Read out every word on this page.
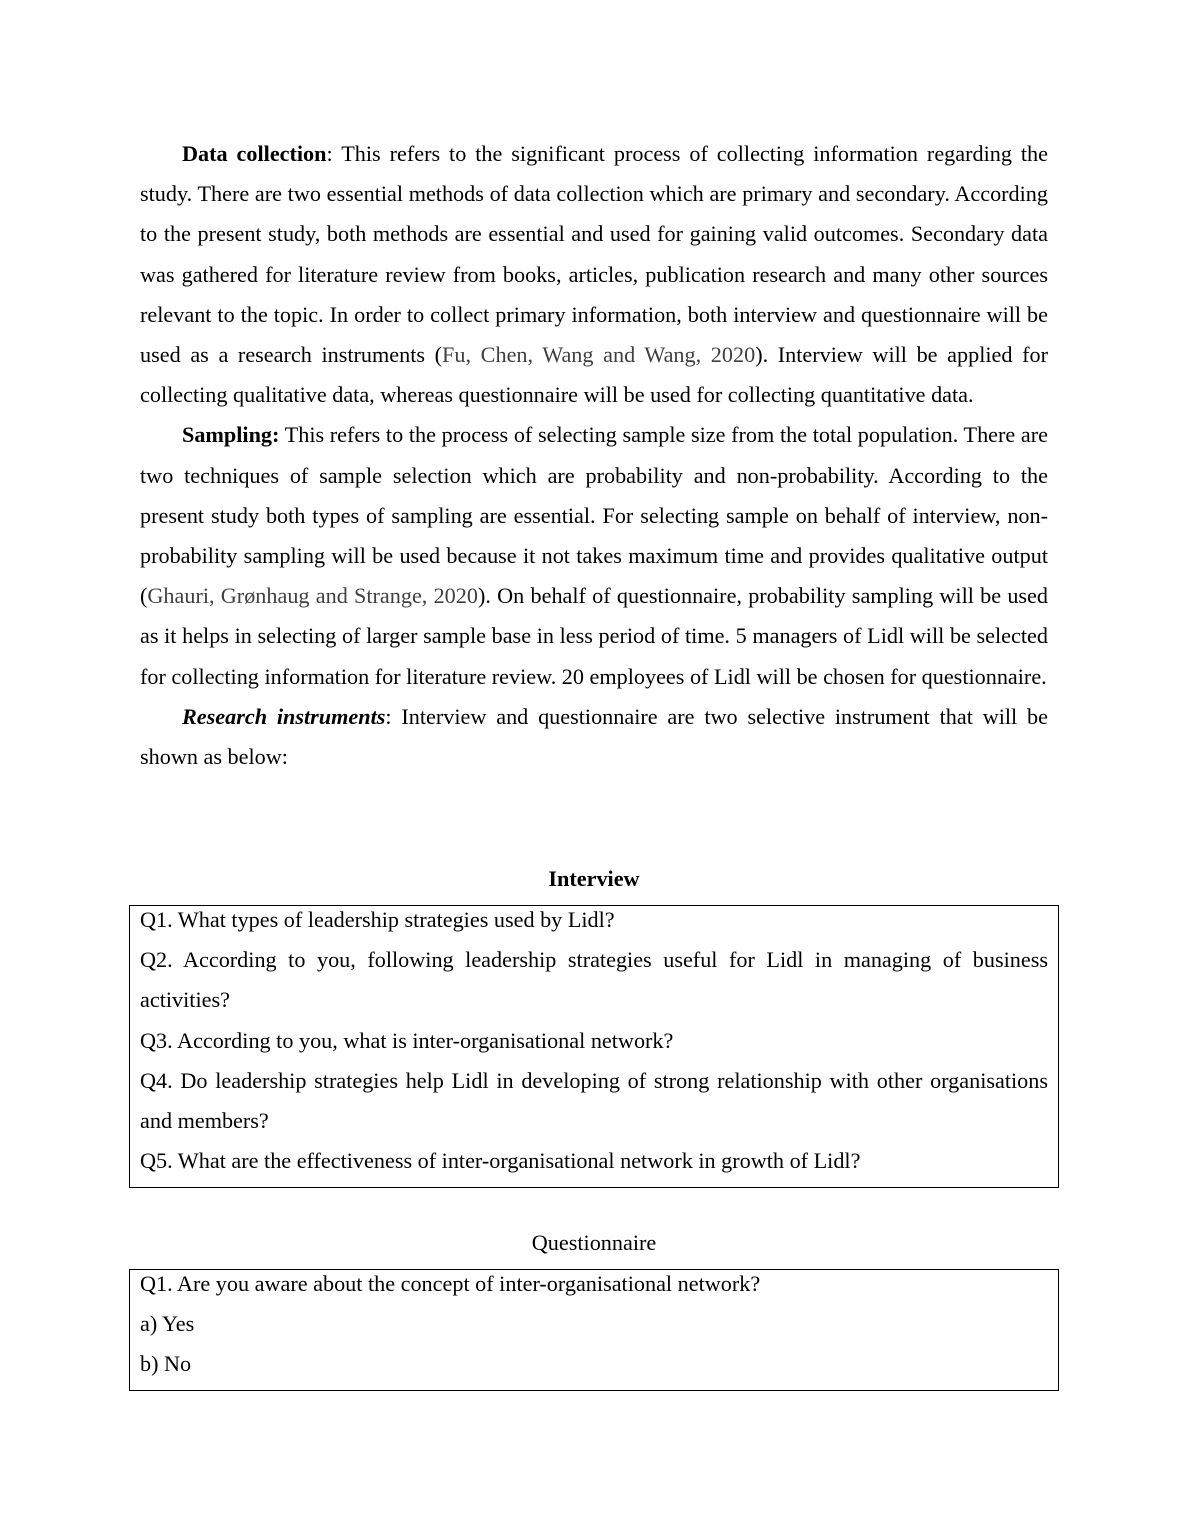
Data collection: This refers to the significant process of collecting information regarding the study. There are two essential methods of data collection which are primary and secondary. According to the present study, both methods are essential and used for gaining valid outcomes. Secondary data was gathered for literature review from books, articles, publication research and many other sources relevant to the topic. In order to collect primary information, both interview and questionnaire will be used as a research instruments (Fu, Chen, Wang and Wang, 2020). Interview will be applied for collecting qualitative data, whereas questionnaire will be used for collecting quantitative data.

Sampling: This refers to the process of selecting sample size from the total population. There are two techniques of sample selection which are probability and non-probability. According to the present study both types of sampling are essential. For selecting sample on behalf of interview, non-probability sampling will be used because it not takes maximum time and provides qualitative output (Ghauri, Grønhaug and Strange, 2020). On behalf of questionnaire, probability sampling will be used as it helps in selecting of larger sample base in less period of time. 5 managers of Lidl will be selected for collecting information for literature review. 20 employees of Lidl will be chosen for questionnaire.

Research instruments: Interview and questionnaire are two selective instrument that will be shown as below:

Interview

Q1. What types of leadership strategies used by Lidl?

Q2. According to you, following leadership strategies useful for Lidl in managing of business activities?

Q3. According to you, what is inter-organisational network?

Q4. Do leadership strategies help Lidl in developing of strong relationship with other organisations and members?

Q5. What are the effectiveness of inter-organisational network in growth of Lidl?

Questionnaire

Q1. Are you aware about the concept of inter-organisational network?

a) Yes

b) No
